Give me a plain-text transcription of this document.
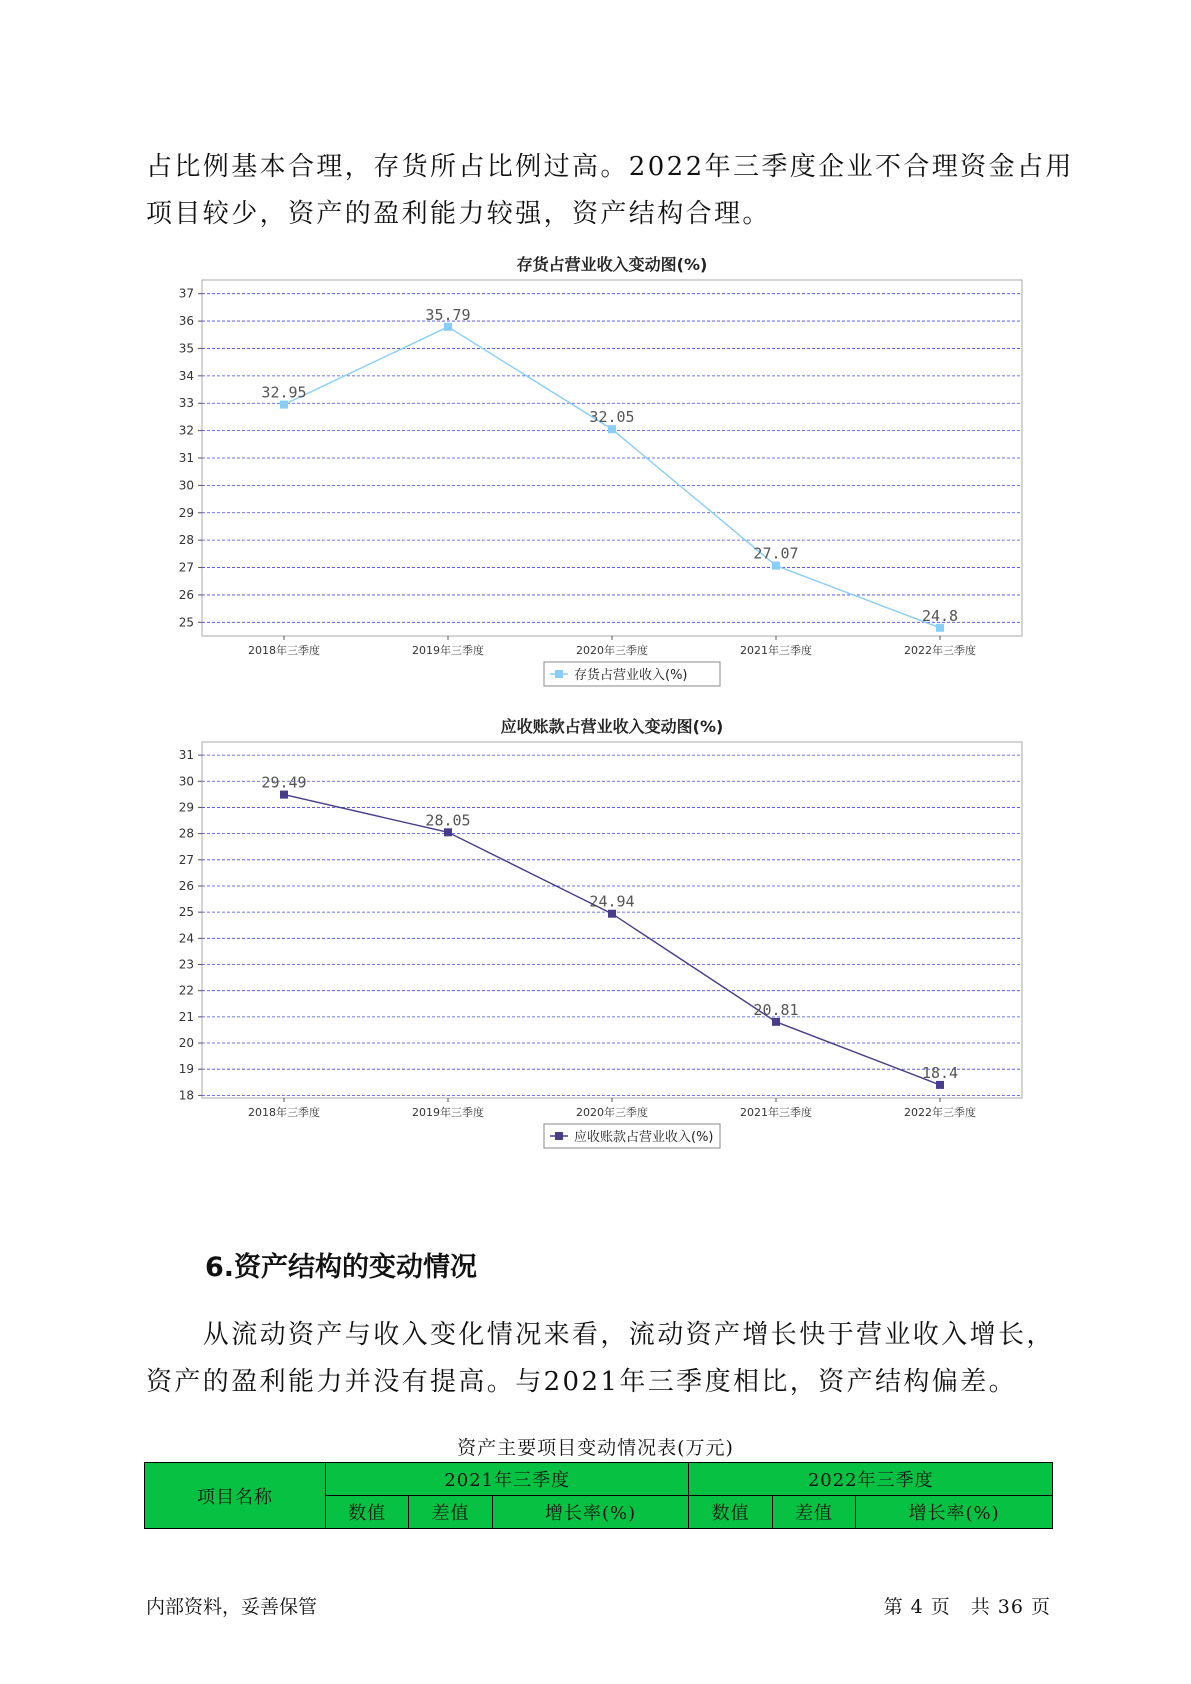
占比例基本合理，存货所占比例过高。2022年三季度企业不合理资金占用

项目较少，资产的盈利能力较强，资产结构合理。

存货占营业收入变动图(%)
25
26
27
28
29
30
31
32
33
34
35
36
37
2018年三季度	2019年三季度	2020年三季度	2021年三季度	2022年三季度
32.95
35.79
32.05
27.07
24.8
存货占营业收入(%)
应收账款占营业收入变动图(%)
18
19
20
21
22
23
24
25
26
27
28
29
30
31
2018年三季度	2019年三季度	2020年三季度	2021年三季度	2022年三季度
29.49
28.05
24.94
20.81
18.4
应收账款占营业收入(%)
6.资产结构的变动情况

　　从流动资产与收入变化情况来看，流动资产增长快于营业收入增长，

资产的盈利能力并没有提高。与2021年三季度相比，资产结构偏差。

资产主要项目变动情况表(万元)
项目名称	2021年三季度			2022年三季度		
	数值	差值	增长率(%)	数值	差值	增长率(%)
内部资料，妥善保管	第 4 页　共 36 页
